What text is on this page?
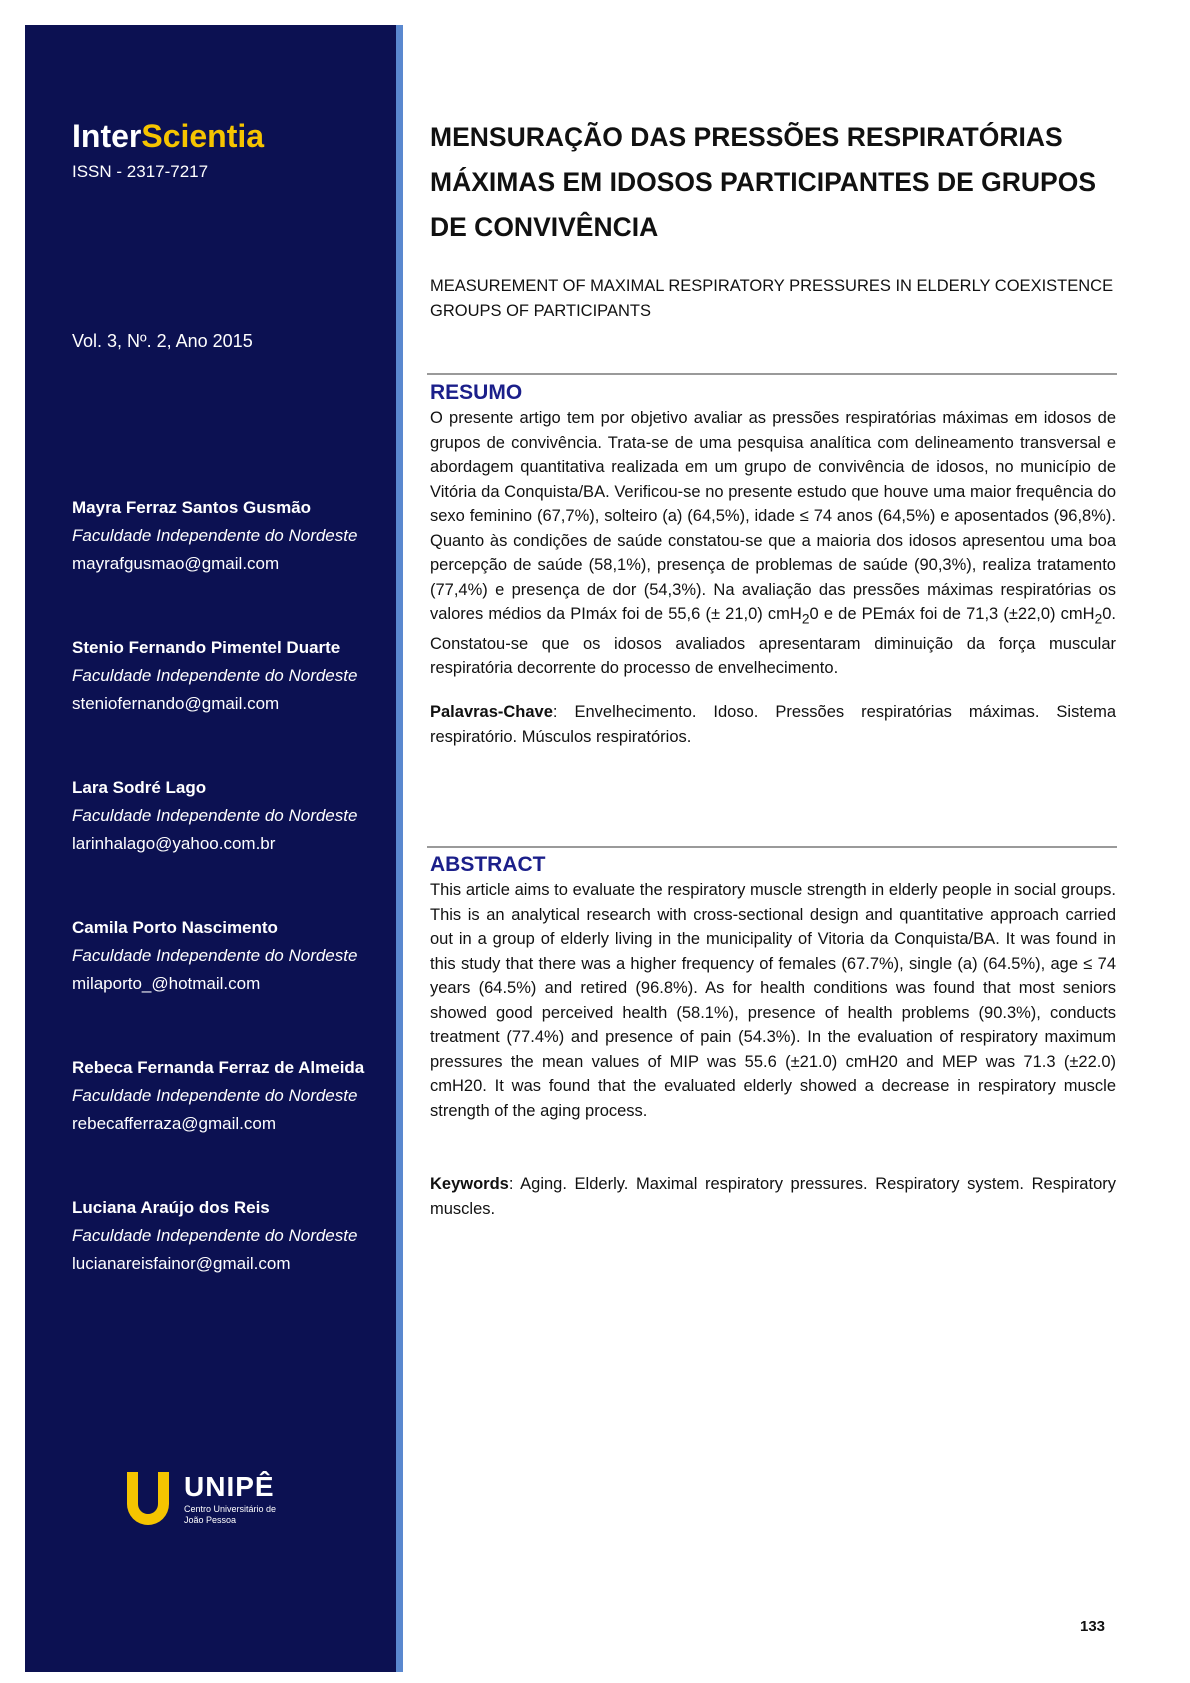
InterScientia
ISSN - 2317-7217
Vol. 3, Nº. 2, Ano 2015
Mayra Ferraz Santos Gusmão
Faculdade Independente do Nordeste
mayrafgusmao@gmail.com
Stenio Fernando Pimentel Duarte
Faculdade Independente do Nordeste
steniofernando@gmail.com
Lara Sodré Lago
Faculdade Independente do Nordeste
larinhalago@yahoo.com.br
Camila Porto Nascimento
Faculdade Independente do Nordeste
milaporto_@hotmail.com
Rebeca Fernanda Ferraz de Almeida
Faculdade Independente do Nordeste
rebecafferraza@gmail.com
Luciana Araújo dos Reis
Faculdade Independente do Nordeste
lucianareisfainor@gmail.com
UNIPÊ
Centro Universitário de João Pessoa
MENSURAÇÃO DAS PRESSÕES RESPIRATÓRIAS MÁXIMAS EM IDOSOS PARTICIPANTES DE GRUPOS DE CONVIVÊNCIA
MEASUREMENT OF MAXIMAL RESPIRATORY PRESSURES IN ELDERLY COEXISTENCE GROUPS OF PARTICIPANTS
RESUMO
O presente artigo tem por objetivo avaliar as pressões respiratórias máximas em idosos de grupos de convivência. Trata-se de uma pesquisa analítica com delineamento transversal e abordagem quantitativa realizada em um grupo de convivência de idosos, no município de Vitória da Conquista/BA. Verificou-se no presente estudo que houve uma maior frequência do sexo feminino (67,7%), solteiro (a) (64,5%), idade ≤ 74 anos (64,5%) e aposentados (96,8%). Quanto às condições de saúde constatou-se que a maioria dos idosos apresentou uma boa percepção de saúde (58,1%), presença de problemas de saúde (90,3%), realiza tratamento (77,4%) e presença de dor (54,3%). Na avaliação das pressões máximas respiratórias os valores médios da PImáx foi de 55,6 (± 21,0) cmH$_2$0 e de PEmáx foi de 71,3 (±22,0) cmH$_2$0. Constatou-se que os idosos avaliados apresentaram diminuição da força muscular respiratória decorrente do processo de envelhecimento.
Palavras-Chave: Envelhecimento. Idoso. Pressões respiratórias máximas. Sistema respiratório. Músculos respiratórios.
ABSTRACT
This article aims to evaluate the respiratory muscle strength in elderly people in social groups. This is an analytical research with cross-sectional design and quantitative approach carried out in a group of elderly living in the municipality of Vitoria da Conquista/BA. It was found in this study that there was a higher frequency of females (67.7%), single (a) (64.5%), age ≤ 74 years (64.5%) and retired (96.8%). As for health conditions was found that most seniors showed good perceived health (58.1%), presence of health problems (90.3%), conducts treatment (77.4%) and presence of pain (54.3%). In the evaluation of respiratory maximum pressures the mean values of MIP was 55.6 (±21.0) cmH20 and MEP was 71.3 (±22.0) cmH20. It was found that the evaluated elderly showed a decrease in respiratory muscle strength of the aging process.
Keywords: Aging. Elderly. Maximal respiratory pressures. Respiratory system. Respiratory muscles.
133
